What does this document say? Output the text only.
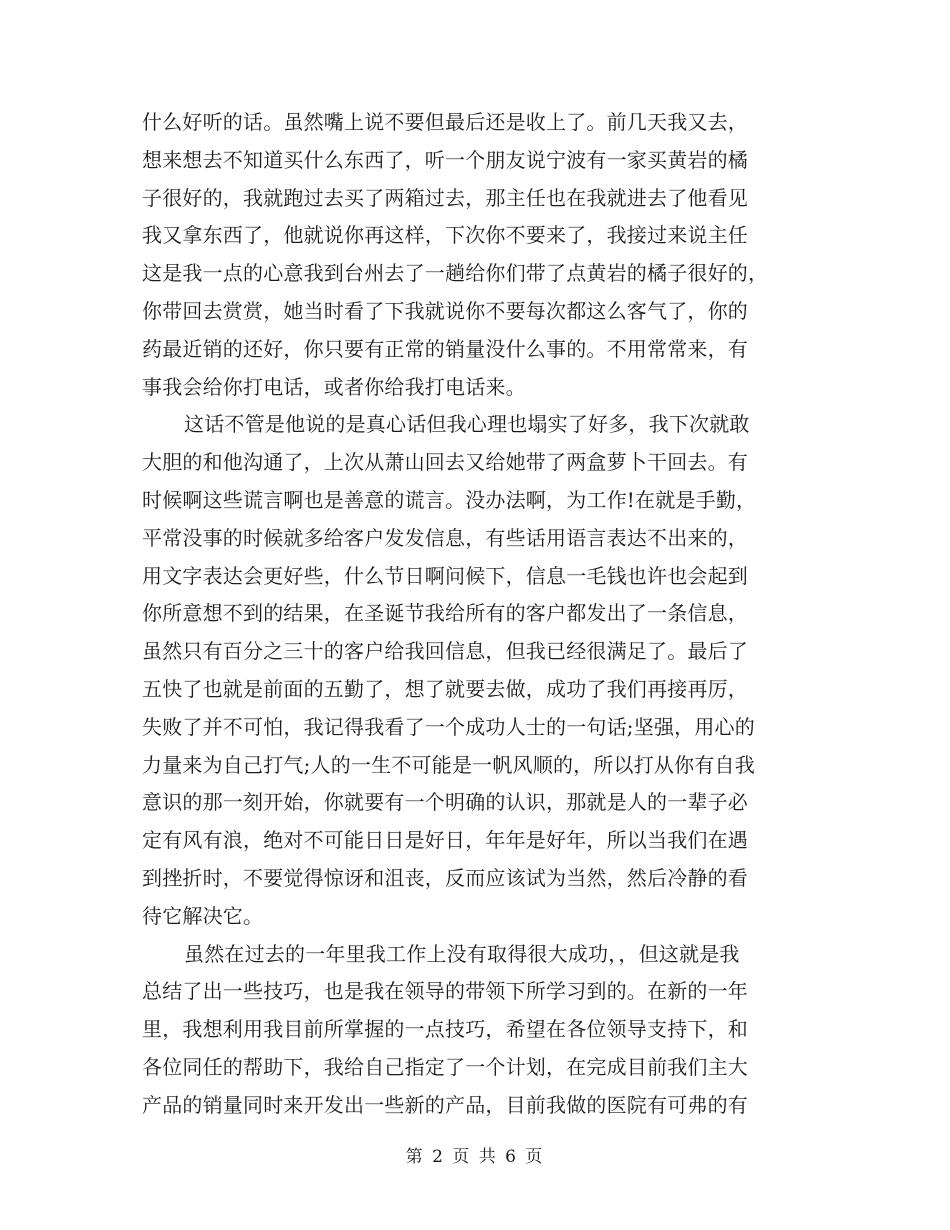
什么好听的话。虽然嘴上说不要但最后还是收上了。前几天我又去，
想来想去不知道买什么东西了，听一个朋友说宁波有一家买黄岩的橘
子很好的，我就跑过去买了两箱过去，那主任也在我就进去了他看见
我又拿东西了，他就说你再这样，下次你不要来了，我接过来说主任
这是我一点的心意我到台州去了一趟给你们带了点黄岩的橘子很好的，
你带回去赏赏，她当时看了下我就说你不要每次都这么客气了，你的
药最近销的还好，你只要有正常的销量没什么事的。不用常常来，有
事我会给你打电话，或者你给我打电话来。
这话不管是他说的是真心话但我心理也塌实了好多，我下次就敢
大胆的和他沟通了，上次从萧山回去又给她带了两盒萝卜干回去。有
时候啊这些谎言啊也是善意的谎言。没办法啊，为工作!在就是手勤，
平常没事的时候就多给客户发发信息，有些话用语言表达不出来的，
用文字表达会更好些，什么节日啊问候下，信息一毛钱也许也会起到
你所意想不到的结果，在圣诞节我给所有的客户都发出了一条信息，
虽然只有百分之三十的客户给我回信息，但我已经很满足了。最后了
五快了也就是前面的五勤了，想了就要去做，成功了我们再接再厉，
失败了并不可怕，我记得我看了一个成功人士的一句话;坚强，用心的
力量来为自己打气;人的一生不可能是一帆风顺的，所以打从你有自我
意识的那一刻开始，你就要有一个明确的认识，那就是人的一辈子必
定有风有浪，绝对不可能日日是好日，年年是好年，所以当我们在遇
到挫折时，不要觉得惊讶和沮丧，反而应该试为当然，然后冷静的看
待它解决它。
虽然在过去的一年里我工作上没有取得很大成功，，但这就是我
总结了出一些技巧，也是我在领导的带领下所学习到的。在新的一年
里，我想利用我目前所掌握的一点技巧，希望在各位领导支持下，和
各位同任的帮助下，我给自己指定了一个计划，在完成目前我们主大
产品的销量同时来开发出一些新的产品，目前我做的医院有可弗的有
第 2 页 共 6 页
